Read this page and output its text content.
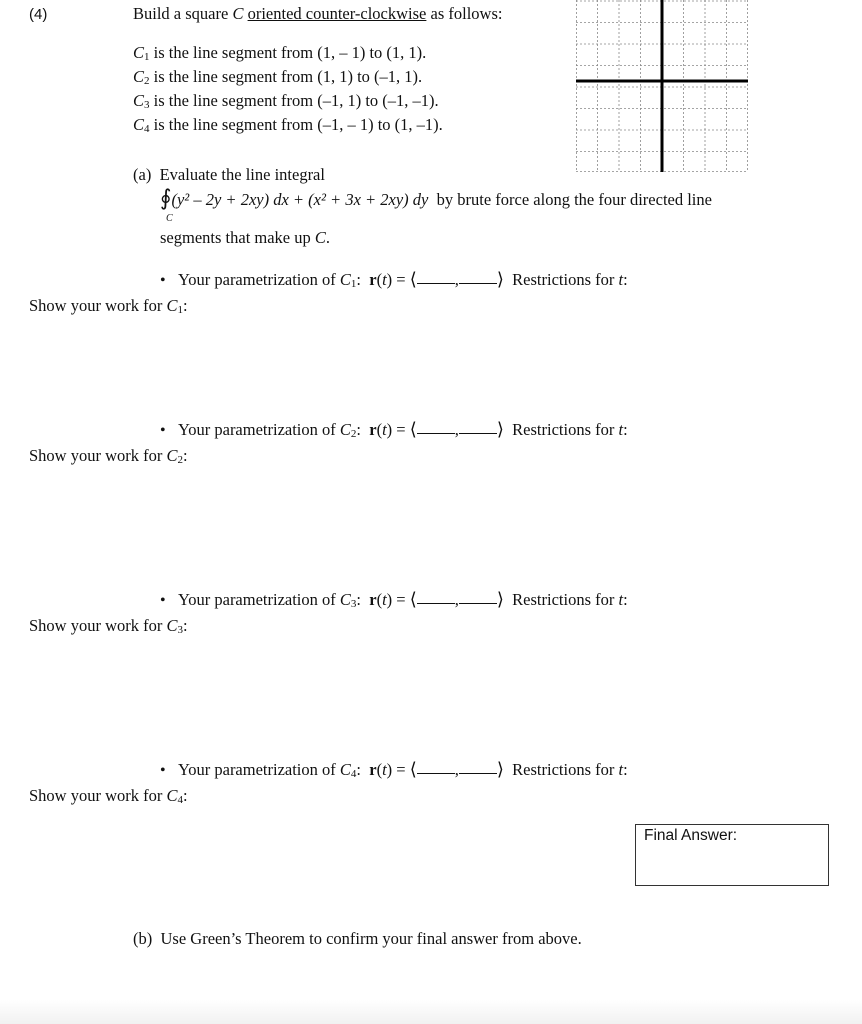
(4)	Build a square C oriented counter-clockwise as follows:
$C_1$ is the line segment from (1, – 1) to (1, 1).
$C_2$ is the line segment from (1, 1) to (–1, 1).
$C_3$ is the line segment from (–1, 1) to (–1, –1).
$C_4$ is the line segment from (–1, – 1) to (1, –1).
(a) Evaluate the line integral
∮(y² – 2y + 2xy) dx + (x² + 3x + 2xy) dy by brute force along the four directed line
C
segments that make up C.
• Your parametrization of $C_1$:  r(t) = ⟨ , ⟩ Restrictions for t:
Show your work for $C_1$:
• Your parametrization of $C_2$:  r(t) = ⟨ , ⟩ Restrictions for t:
Show your work for $C_2$:
• Your parametrization of $C_3$:  r(t) = ⟨ , ⟩ Restrictions for t:
Show your work for $C_3$:
• Your parametrization of $C_4$:  r(t) = ⟨ , ⟩ Restrictions for t:
Show your work for $C_4$:
Final Answer:
(b) Use Green’s Theorem to confirm your final answer from above.
